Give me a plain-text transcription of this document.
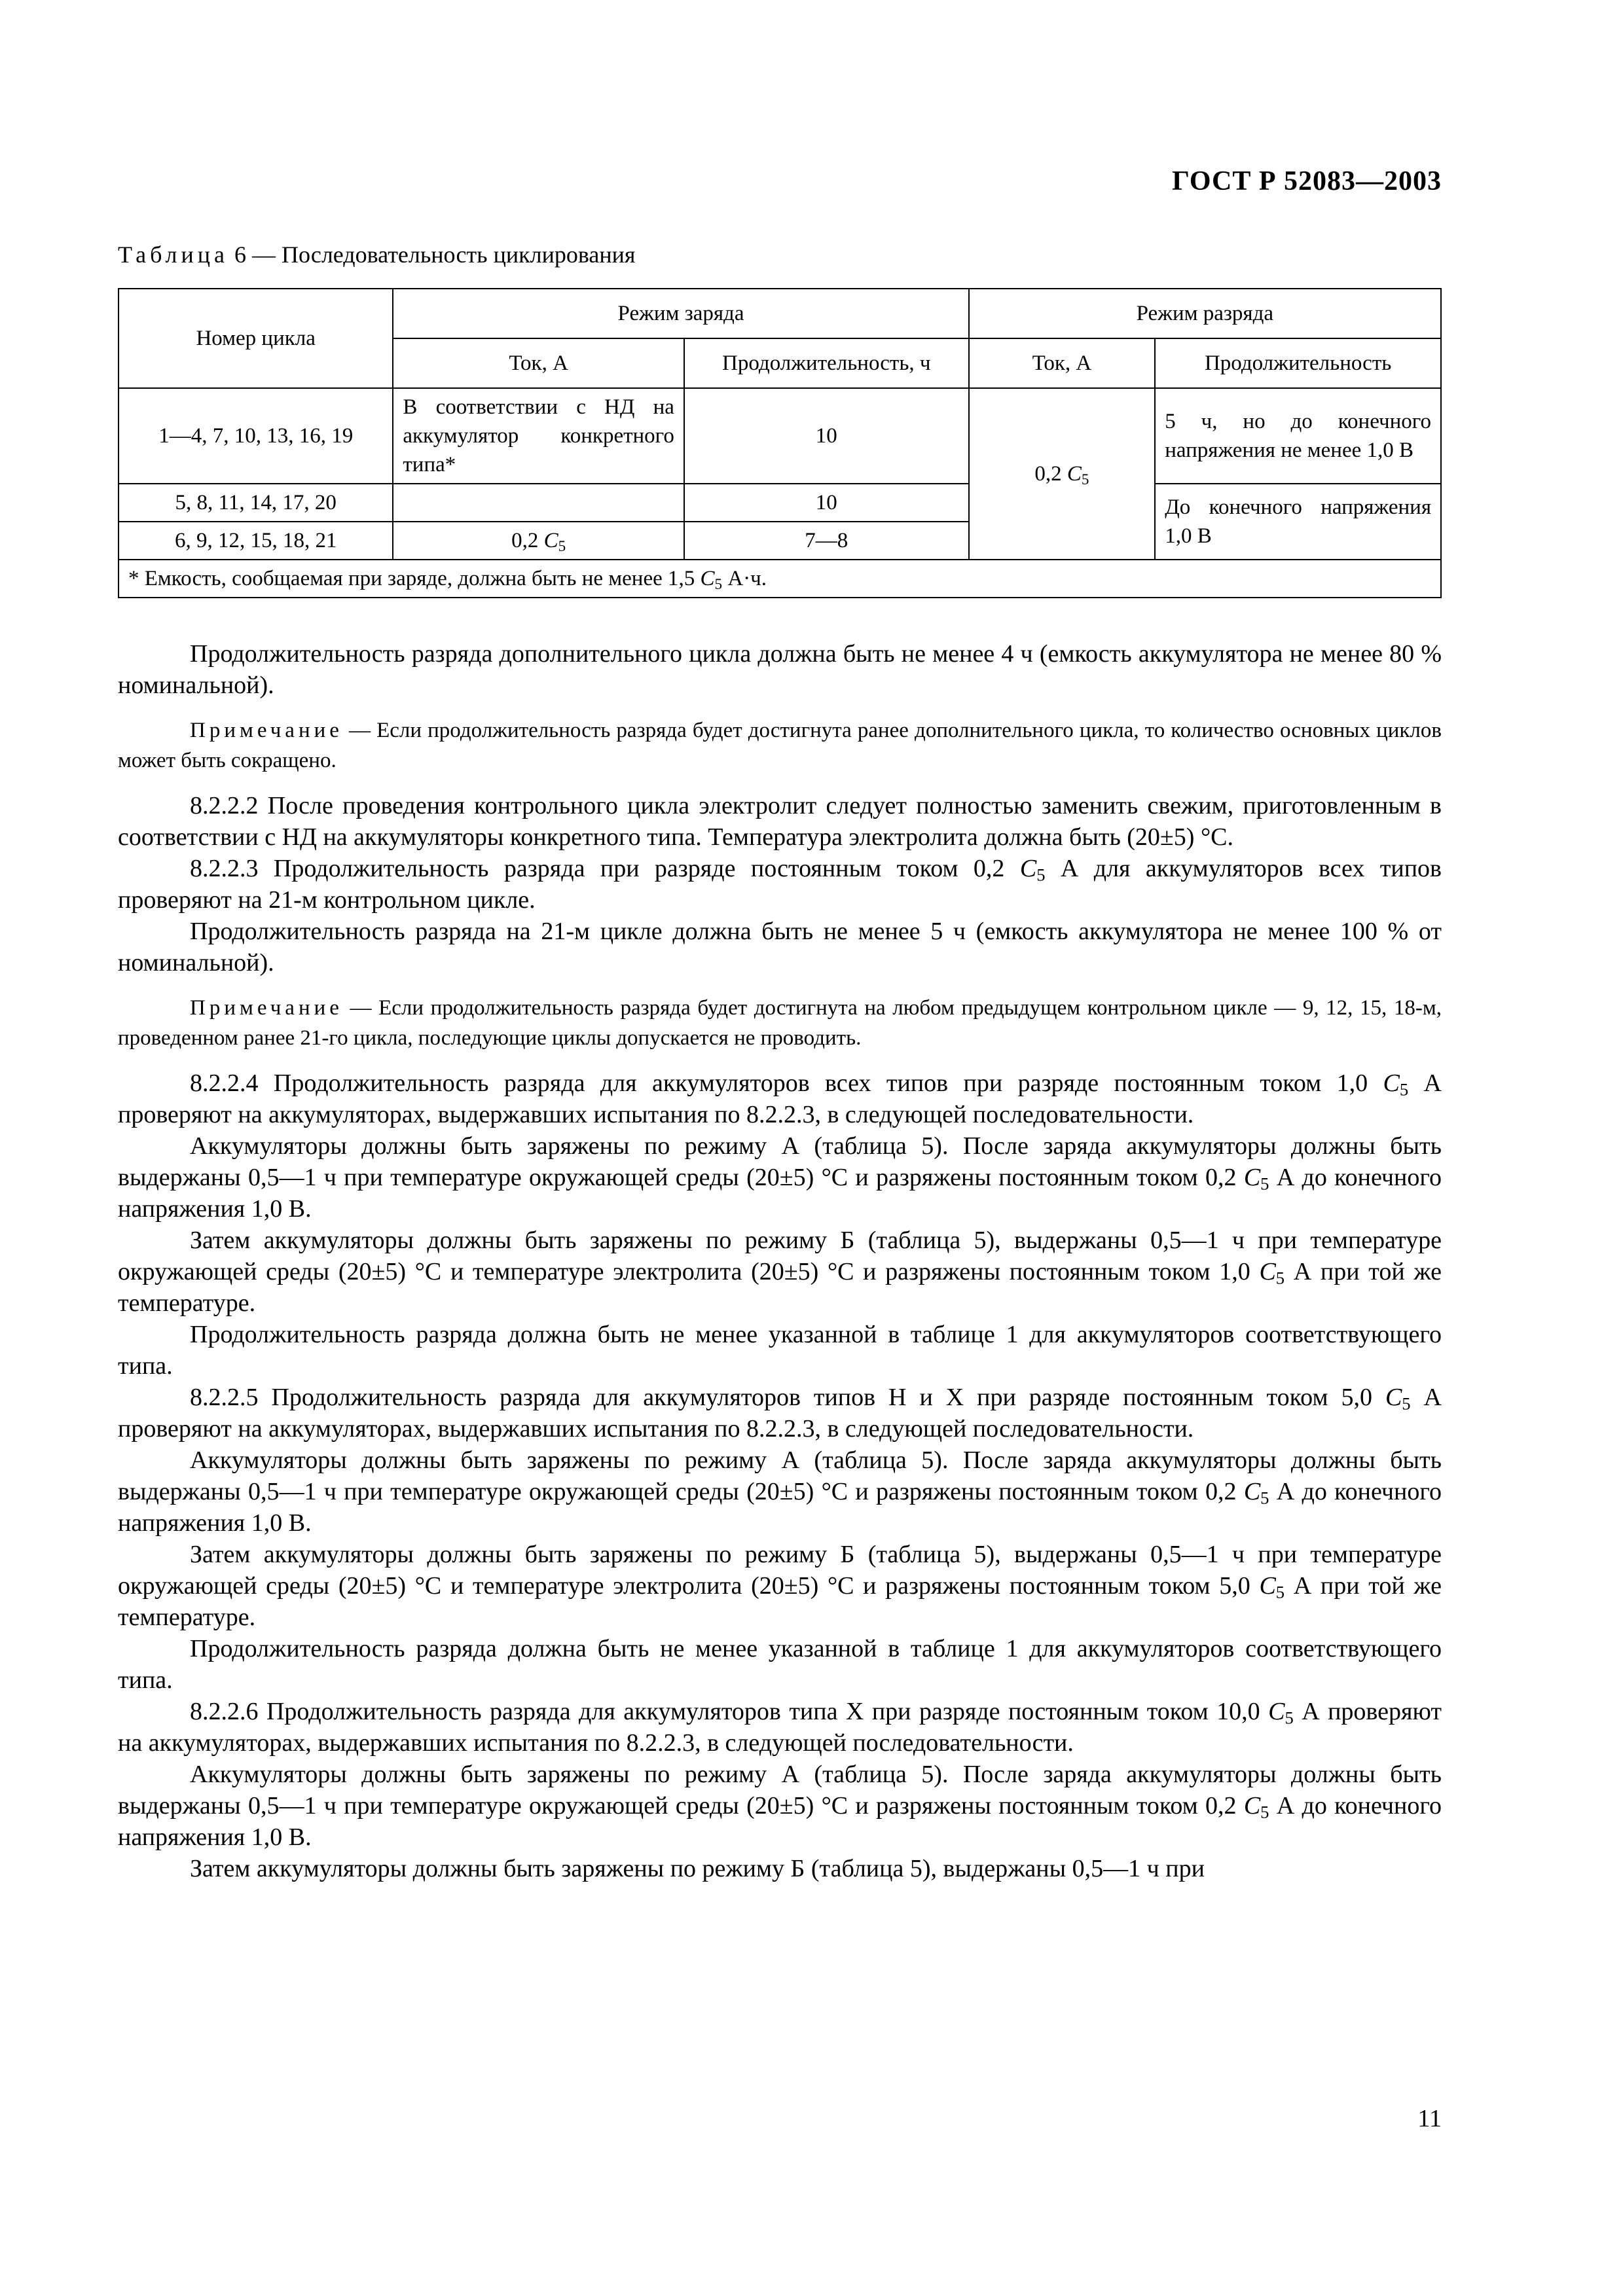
ГОСТ Р 52083—2003
Таблица 6 — Последовательность циклирования
Номер цикла	Режим заряда		Режим разряда	
	Ток, А	Продолжительность, ч	Ток, А	Продолжительность
1—4, 7, 10, 13, 16, 19	В соответствии с НД на аккумулятор конкретного типа*	10	0,2 $C_5$	5 ч, но до конечного напряжения не менее 1,0 В
5, 8, 11, 14, 17, 20		10		До конечного напряжения 1,0 В
6, 9, 12, 15, 18, 21	0,2 $C_5$	7—8		
* Емкость, сообщаемая при заряде, должна быть не менее 1,5 $C_5$ А·ч.				

Продолжительность разряда дополнительного цикла должна быть не менее 4 ч (емкость аккумулятора не менее 80 % номинальной).

Примечание — Если продолжительность разряда будет достигнута ранее дополнительного цикла, то количество основных циклов может быть сокращено.

8.2.2.2 После проведения контрольного цикла электролит следует полностью заменить свежим, приготовленным в соответствии с НД на аккумуляторы конкретного типа. Температура электролита должна быть (20±5) °С.

8.2.2.3 Продолжительность разряда при разряде постоянным током 0,2 $C_5$ А для аккумуляторов всех типов проверяют на 21-м контрольном цикле.

Продолжительность разряда на 21-м цикле должна быть не менее 5 ч (емкость аккумулятора не менее 100 % от номинальной).

Примечание — Если продолжительность разряда будет достигнута на любом предыдущем контрольном цикле — 9, 12, 15, 18-м, проведенном ранее 21-го цикла, последующие циклы допускается не проводить.

8.2.2.4 Продолжительность разряда для аккумуляторов всех типов при разряде постоянным током 1,0 $C_5$ А проверяют на аккумуляторах, выдержавших испытания по 8.2.2.3, в следующей последовательности.

Аккумуляторы должны быть заряжены по режиму А (таблица 5). После заряда аккумуляторы должны быть выдержаны 0,5—1 ч при температуре окружающей среды (20±5) °С и разряжены постоянным током 0,2 $C_5$ А до конечного напряжения 1,0 В.

Затем аккумуляторы должны быть заряжены по режиму Б (таблица 5), выдержаны 0,5—1 ч при температуре окружающей среды (20±5) °С и температуре электролита (20±5) °С и разряжены постоянным током 1,0 $C_5$ А при той же температуре.

Продолжительность разряда должна быть не менее указанной в таблице 1 для аккумуляторов соответствующего типа.

8.2.2.5 Продолжительность разряда для аккумуляторов типов Н и Х при разряде постоянным током 5,0 $C_5$ А проверяют на аккумуляторах, выдержавших испытания по 8.2.2.3, в следующей последовательности.

Аккумуляторы должны быть заряжены по режиму А (таблица 5). После заряда аккумуляторы должны быть выдержаны 0,5—1 ч при температуре окружающей среды (20±5) °С и разряжены постоянным током 0,2 $C_5$ А до конечного напряжения 1,0 В.

Затем аккумуляторы должны быть заряжены по режиму Б (таблица 5), выдержаны 0,5—1 ч при температуре окружающей среды (20±5) °С и температуре электролита (20±5) °С и разряжены постоянным током 5,0 $C_5$ А при той же температуре.

Продолжительность разряда должна быть не менее указанной в таблице 1 для аккумуляторов соответствующего типа.

8.2.2.6 Продолжительность разряда для аккумуляторов типа Х при разряде постоянным током 10,0 $C_5$ А проверяют на аккумуляторах, выдержавших испытания по 8.2.2.3, в следующей последовательности.

Аккумуляторы должны быть заряжены по режиму А (таблица 5). После заряда аккумуляторы должны быть выдержаны 0,5—1 ч при температуре окружающей среды (20±5) °С и разряжены постоянным током 0,2 $C_5$ А до конечного напряжения 1,0 В.

Затем аккумуляторы должны быть заряжены по режиму Б (таблица 5), выдержаны 0,5—1 ч при

11
